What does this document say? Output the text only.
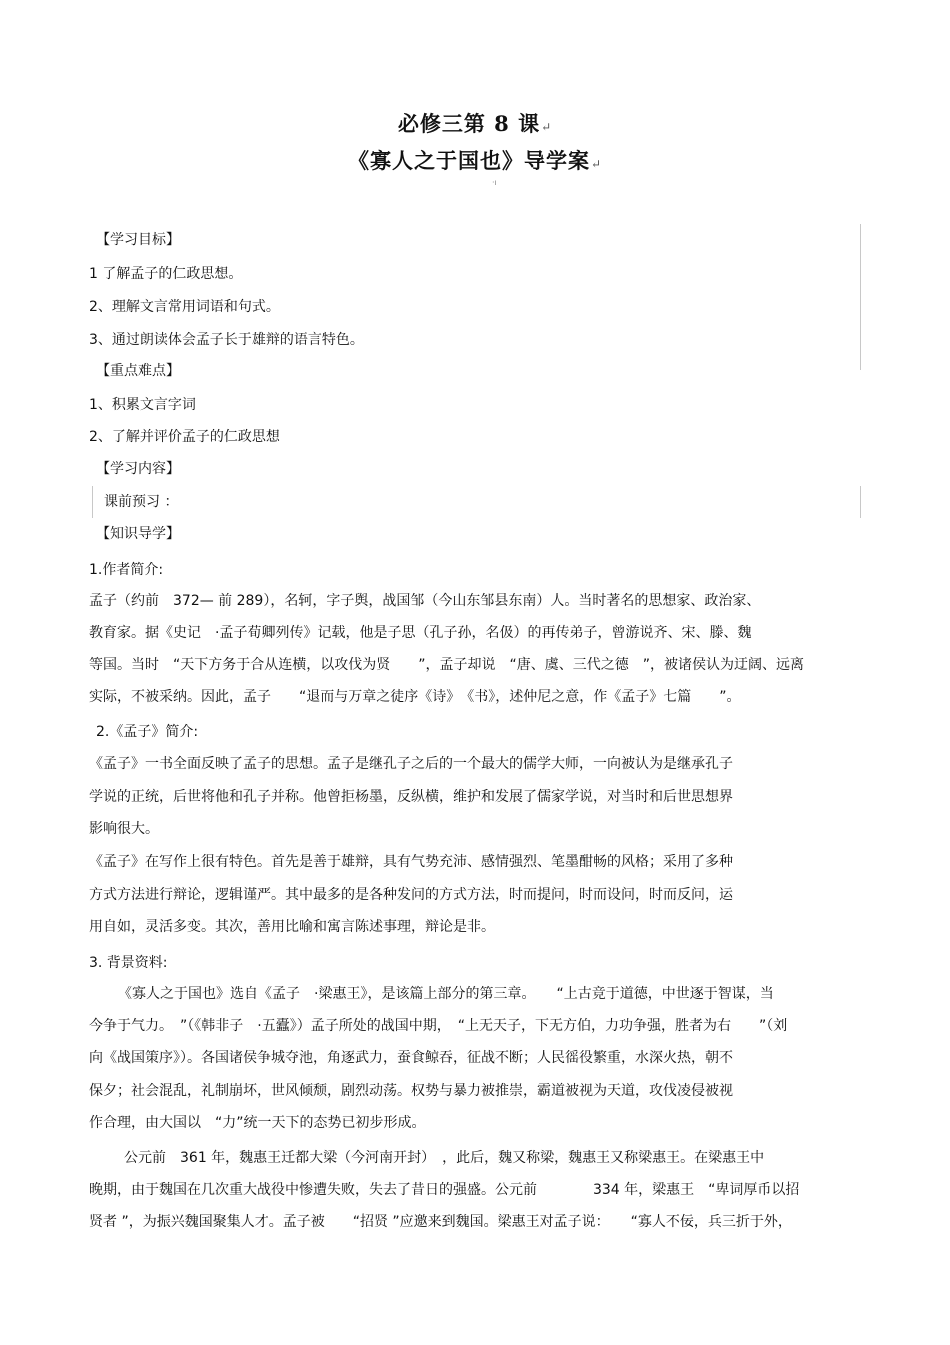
必修三第 8 课↵
《寡人之于国也》导学案↵
·ı
【学习目标】
1 了解孟子的仁政思想。
2、理解文言常用词语和句式。
3、通过朗读体会孟子长于雄辩的语言特色。
【重点难点】
1、积累文言字词
2、了解并评价孟子的仁政思想
【学习内容】
课前预习 ：
【知识导学】
1.作者简介:
孟子（约前　372— 前 289），名轲，字子舆，战国邹（今山东邹县东南）人。当时著名的思想家、政治家、
教育家。据《史记　·孟子荀卿列传》记载，他是子思（孔子孙，名伋）的再传弟子，曾游说齐、宋、滕、魏
等国。当时　“天下方务于合从连横，以攻伐为贤　　”，孟子却说　“唐、虞、三代之德　”，被诸侯认为迂阔、远离
实际，不被采纳。因此，孟子　　“退而与万章之徒序《诗》　《书》，述仲尼之意，作《孟子》七篇　　”。
2.《孟子》简介:
《孟子》一书全面反映了孟子的思想。孟子是继孔子之后的一个最大的儒学大师，一向被认为是继承孔子
学说的正统，后世将他和孔子并称。他曾拒杨墨，反纵横，维护和发展了儒家学说，对当时和后世思想界
影响很大。
《孟子》在写作上很有特色。首先是善于雄辩，具有气势充沛、感情强烈、笔墨酣畅的风格；采用了多种
方式方法进行辩论，逻辑谨严。其中最多的是各种发问的方式方法，时而提问，时而设问，时而反问，运
用自如，灵活多变。其次，善用比喻和寓言陈述事理，辩论是非。
3. 背景资料:
《寡人之于国也》选自《孟子　·梁惠王》，是该篇上部分的第三章。　　“上古竞于道德，中世逐于智谋，当
今争于气力。　”（《韩非子　·五蠹》）孟子所处的战国中期，　“上无天子，下无方伯，力功争强，胜者为右　　”（刘
向《战国策序》）。各国诸侯争城夺池，角逐武力，蚕食鲸吞，征战不断；人民徭役繁重，水深火热，朝不
保夕；社会混乱，礼制崩坏，世风倾颓，剧烈动荡。权势与暴力被推崇，霸道被视为天道，攻伐凌侵被视
作合理，由大国以　“力”统一天下的态势已初步形成。
公元前　361 年，魏惠王迁都大梁（今河南开封）　，此后，魏又称梁，魏惠王又称梁惠王。在梁惠王中
晚期，由于魏国在几次重大战役中惨遭失败，失去了昔日的强盛。公元前　　　　334 年，梁惠王　“卑词厚币以招
贤者 ”，为振兴魏国聚集人才。孟子被　　“招贤 ”应邀来到魏国。梁惠王对孟子说：　　“寡人不佞，兵三折于外，
